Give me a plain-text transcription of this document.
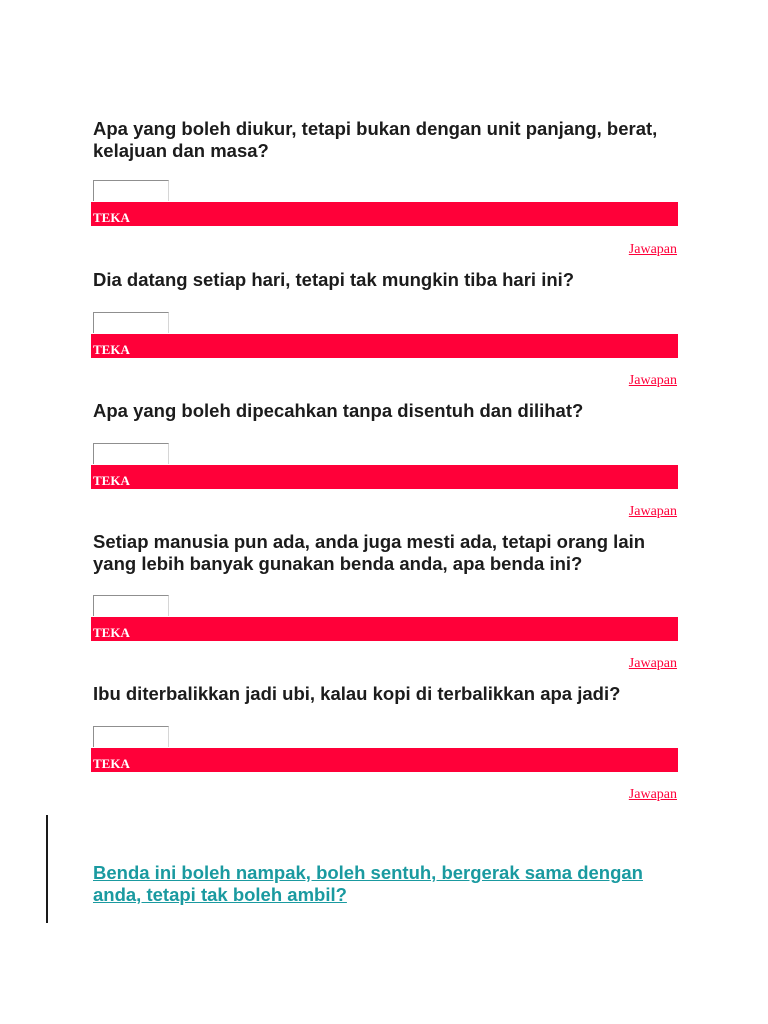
Apa yang boleh diukur, tetapi bukan dengan unit panjang, berat, kelajuan dan masa?

TEKA
Jawapan

Dia datang setiap hari, tetapi tak mungkin tiba hari ini?

TEKA
Jawapan

Apa yang boleh dipecahkan tanpa disentuh dan dilihat?

TEKA
Jawapan

Setiap manusia pun ada, anda juga mesti ada, tetapi orang lain yang lebih banyak gunakan benda anda, apa benda ini?

TEKA
Jawapan

Ibu diterbalikkan jadi ubi, kalau kopi di terbalikkan apa jadi?

TEKA
Jawapan
Benda ini boleh nampak, boleh sentuh, bergerak sama dengan anda, tetapi tak boleh ambil?
